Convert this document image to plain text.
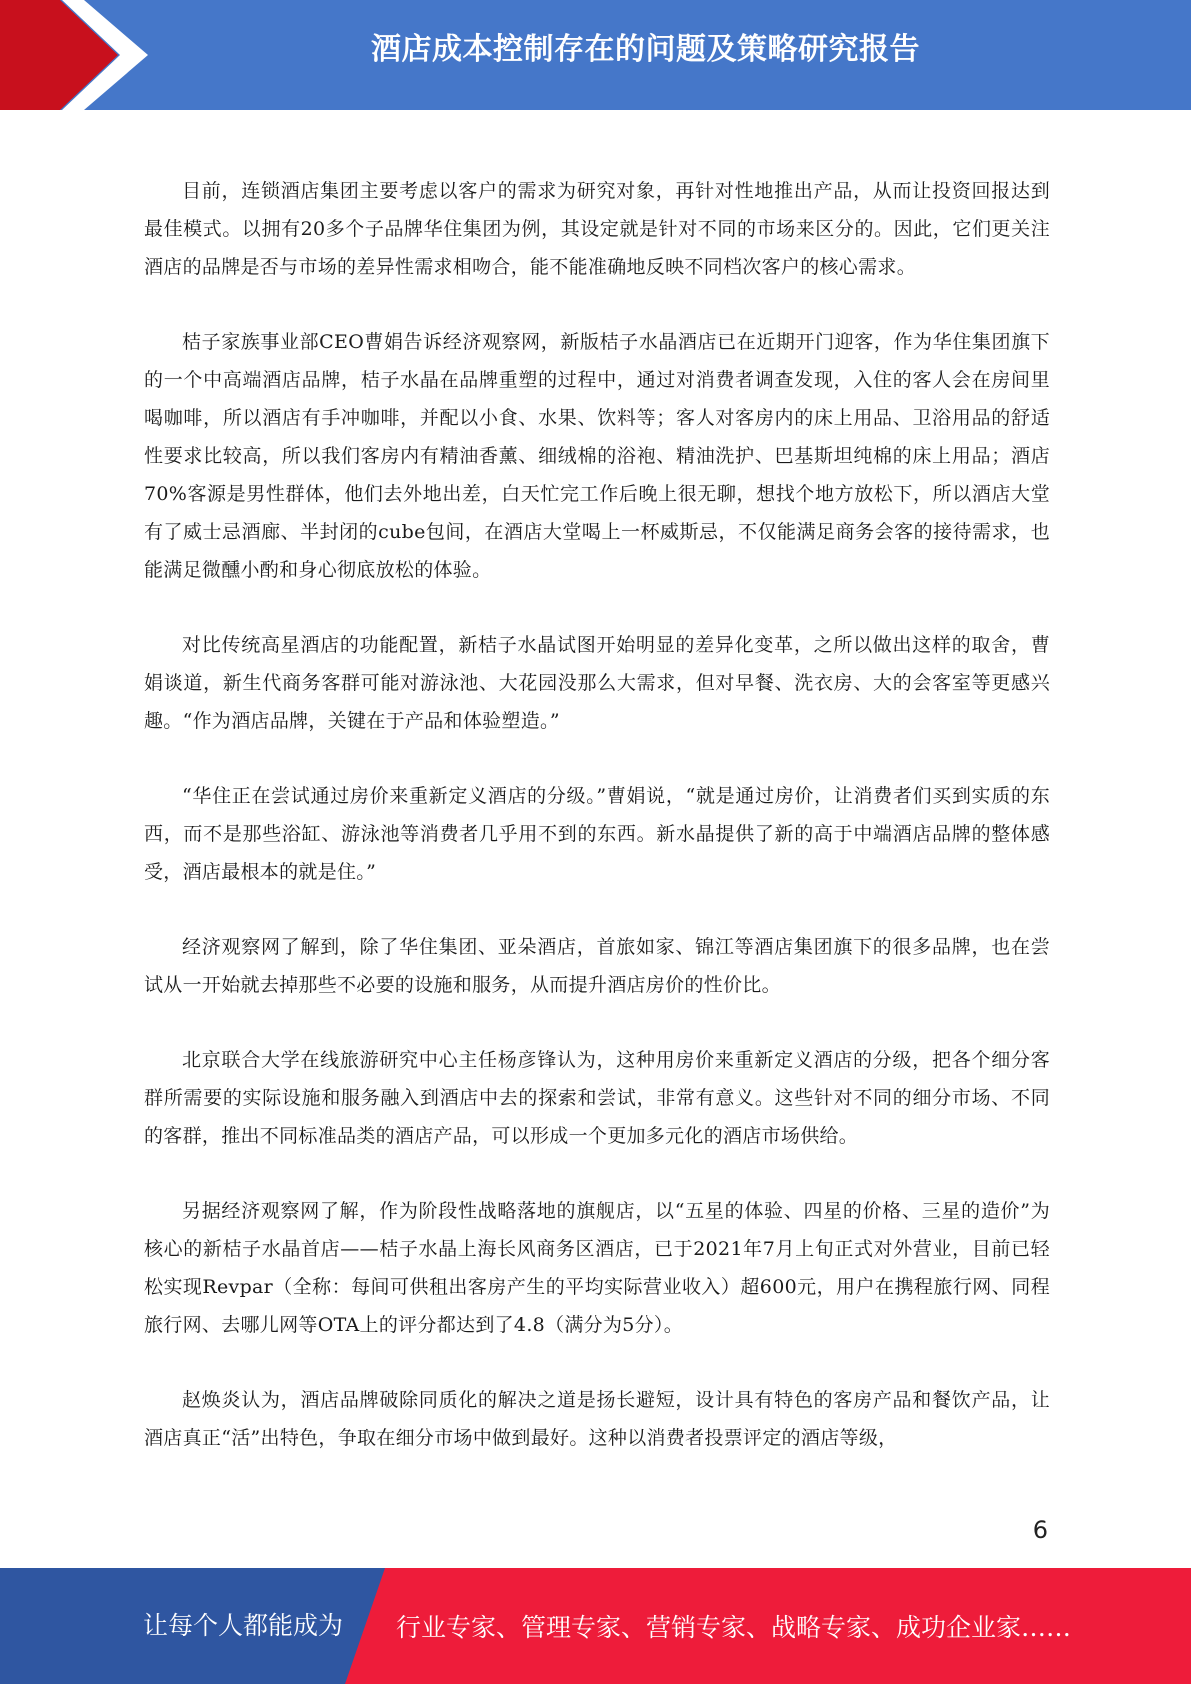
酒店成本控制存在的问题及策略研究报告

目前，连锁酒店集团主要考虑以客户的需求为研究对象，再针对性地推出产品，从而让投资回报达到最佳模式。以拥有20多个子品牌华住集团为例，其设定就是针对不同的市场来区分的。因此，它们更关注酒店的品牌是否与市场的差异性需求相吻合，能不能准确地反映不同档次客户的核心需求。

桔子家族事业部CEO曹娟告诉经济观察网，新版桔子水晶酒店已在近期开门迎客，作为华住集团旗下的一个中高端酒店品牌，桔子水晶在品牌重塑的过程中，通过对消费者调查发现，入住的客人会在房间里喝咖啡，所以酒店有手冲咖啡，并配以小食、水果、饮料等；客人对客房内的床上用品、卫浴用品的舒适性要求比较高，所以我们客房内有精油香薰、细绒棉的浴袍、精油洗护、巴基斯坦纯棉的床上用品；酒店70%客源是男性群体，他们去外地出差，白天忙完工作后晚上很无聊，想找个地方放松下，所以酒店大堂有了威士忌酒廊、半封闭的cube包间，在酒店大堂喝上一杯威斯忌，不仅能满足商务会客的接待需求，也能满足微醺小酌和身心彻底放松的体验。

对比传统高星酒店的功能配置，新桔子水晶试图开始明显的差异化变革，之所以做出这样的取舍，曹娟谈道，新生代商务客群可能对游泳池、大花园没那么大需求，但对早餐、洗衣房、大的会客室等更感兴趣。“作为酒店品牌，关键在于产品和体验塑造。”

“华住正在尝试通过房价来重新定义酒店的分级。”曹娟说，“就是通过房价，让消费者们买到实质的东西，而不是那些浴缸、游泳池等消费者几乎用不到的东西。新水晶提供了新的高于中端酒店品牌的整体感受，酒店最根本的就是住。”

经济观察网了解到，除了华住集团、亚朵酒店，首旅如家、锦江等酒店集团旗下的很多品牌，也在尝试从一开始就去掉那些不必要的设施和服务，从而提升酒店房价的性价比。

北京联合大学在线旅游研究中心主任杨彦锋认为，这种用房价来重新定义酒店的分级，把各个细分客群所需要的实际设施和服务融入到酒店中去的探索和尝试，非常有意义。这些针对不同的细分市场、不同的客群，推出不同标准品类的酒店产品，可以形成一个更加多元化的酒店市场供给。

另据经济观察网了解，作为阶段性战略落地的旗舰店，以“五星的体验、四星的价格、三星的造价”为核心的新桔子水晶首店——桔子水晶上海长风商务区酒店，已于2021年7月上旬正式对外营业，目前已轻松实现Revpar（全称：每间可供租出客房产生的平均实际营业收入）超600元，用户在携程旅行网、同程旅行网、去哪儿网等OTA上的评分都达到了4.8（满分为5分）。

赵焕炎认为，酒店品牌破除同质化的解决之道是扬长避短，设计具有特色的客房产品和餐饮产品，让酒店真正“活”出特色，争取在细分市场中做到最好。这种以消费者投票评定的酒店等级，

6
让每个人都能成为 行业专家、管理专家、营销专家、战略专家、成功企业家……
